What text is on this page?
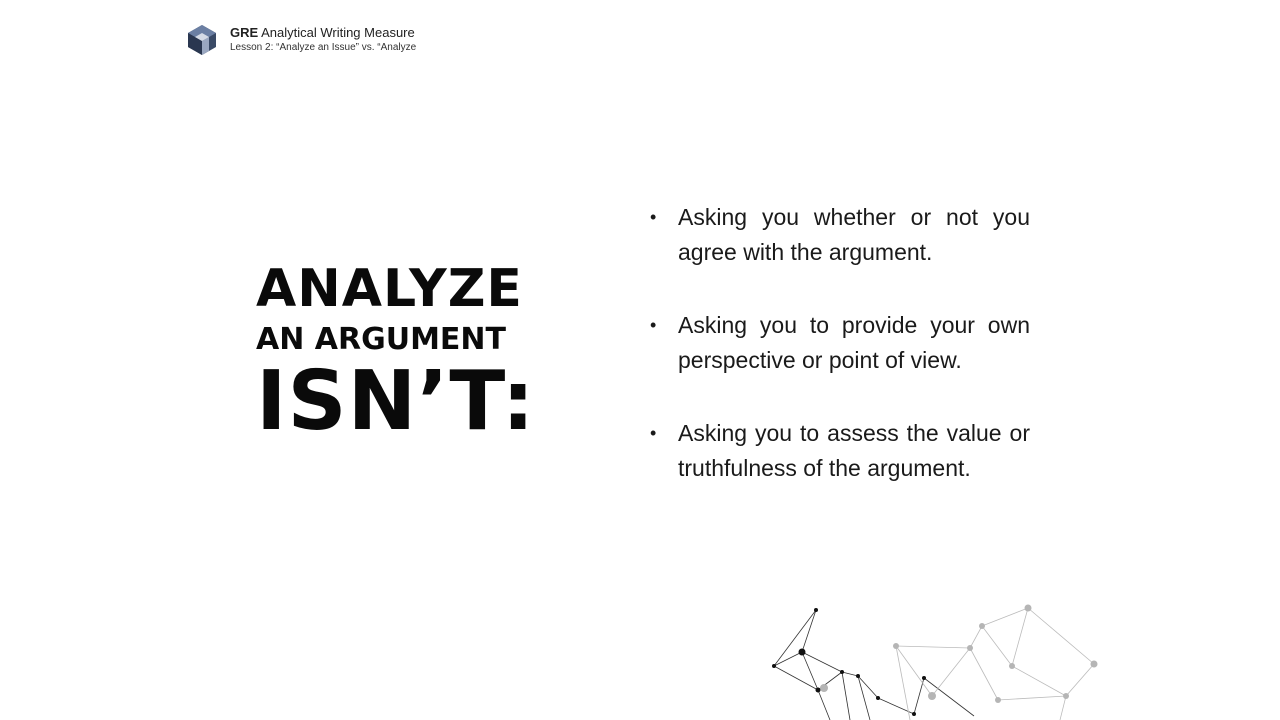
GRE Analytical Writing Measure
Lesson 2: “Analyze an Issue” vs. “Analyze
ANALYZE
AN ARGUMENT
ISN’T:
• Asking you whether or not you agree with the argument.
• Asking you to provide your own perspective or point of view.
• Asking you to assess the value or truthfulness of the argument.
